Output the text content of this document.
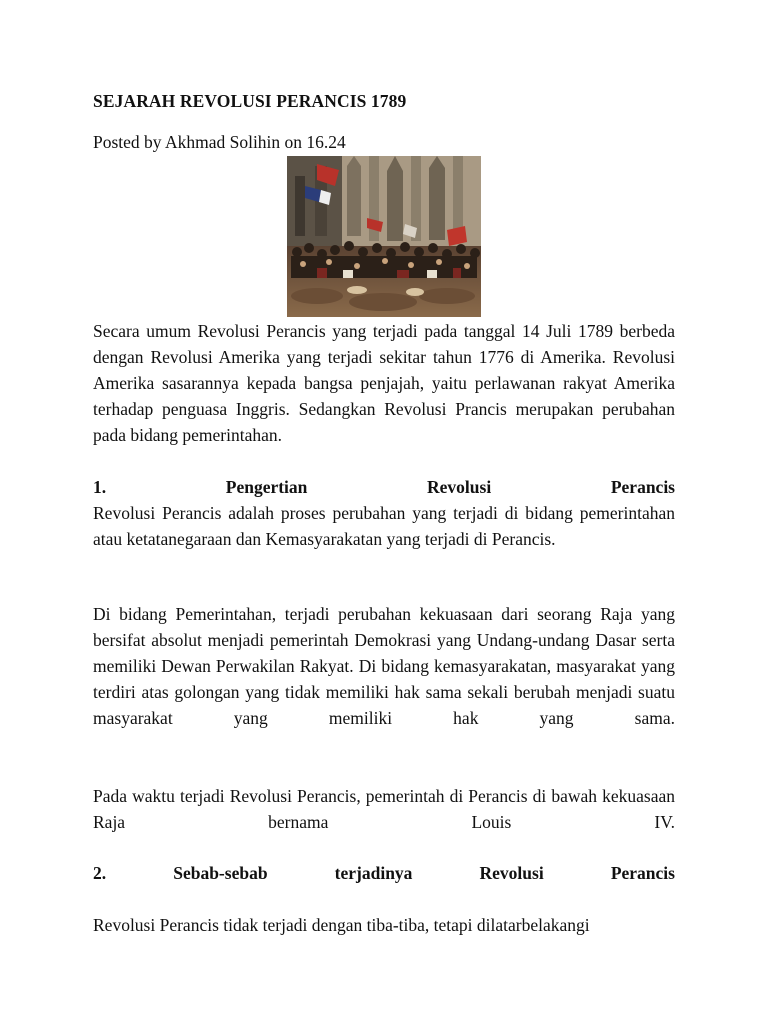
SEJARAH REVOLUSI PERANCIS 1789
Posted by Akhmad Solihin on 16.24
Secara umum Revolusi Perancis yang terjadi pada tanggal 14 Juli 1789 berbeda dengan Revolusi Amerika yang terjadi sekitar tahun 1776 di Amerika. Revolusi Amerika sasarannya kepada bangsa penjajah, yaitu perlawanan rakyat Amerika terhadap penguasa Inggris. Sedangkan Revolusi Prancis merupakan perubahan pada bidang pemerintahan.
1.	Pengertian	Revolusi	Perancis
Revolusi Perancis adalah proses perubahan yang terjadi di bidang pemerintahan atau ketatanegaraan dan Kemasyarakatan yang terjadi di Perancis.
Di bidang Pemerintahan, terjadi perubahan kekuasaan dari seorang Raja yang bersifat absolut menjadi pemerintah Demokrasi yang Undang-undang Dasar serta memiliki Dewan Perwakilan Rakyat. Di bidang kemasyarakatan, masyarakat yang terdiri atas golongan yang tidak memiliki hak sama sekali berubah menjadi suatu masyarakat yang memiliki hak yang sama.
Pada waktu terjadi Revolusi Perancis, pemerintah di Perancis di bawah kekuasaan Raja bernama Louis IV.
2.	Sebab-sebab	terjadinya	Revolusi	Perancis
Revolusi Perancis tidak terjadi dengan tiba-tiba, tetapi dilatarbelakangi
